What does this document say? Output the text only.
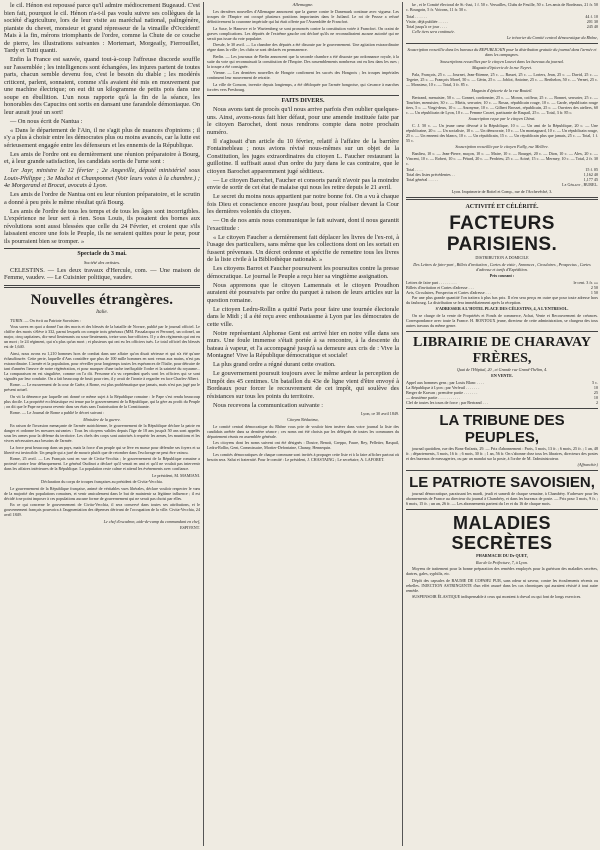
le cil. Hénon est repoussé parce qu'il admire médiocrement Bugeaud. C'est bien fait, pourquoi le cil. Hénon n'a-t-il pas voulu suivre ses collègues de la société d'agriculture, lors de leur visite au maréchal national, palingénère, pianiste du chevet, monsieur et grand répresseur de la vimaille d'Occident! Mais à la fin, mérons triomphants de l'ordre, comme la Chute de ce couche de pierre, les illustrations suivantes : Mortemart, Morgeaily, Fierrouillet, Tardy et Tutti quanti.

Enfin la France est sauvée, quand tout-à-coup l'affreuse discorde souffle sur l'assemblée ; les intelligences sont échangées, les injures partent de toutes parts, chacun semble devenu fou, c'est le besoin du diable ; les modérés criticent, parlent, sonnaient, comme s'ils avaient été mis en mouvement par une machine électrique; on eut dit un kilogramme de petits pois dans une soupe en ébullition. L'un nous rapporte qu'à la fin de la séance, les honorables des Capucins ont sortis en dansant une farandole démoniaque. On leur aurait joué un sort!

— On nous écrit de Nantua :

« Dans le département de l'Ain, il ne s'agit plus de nuances d'opinions ; il s'y a plus à choisir entre les démocrates plus ou moins avancés, car la lutte est sérieusement engagée entre les défenseurs et les ennemis de la République.

Les amis de l'ordre ont eu dernièrement une réunion préparatoire à Bourg, et, à leur grande satisfaction, les candidats sortis de l'urne sont :

1er Jayr, ministre le 12 février ; 2e Angeville, député ministériel sous Louis-Philippe ; 3e Madiot et Champonnet (Voir leurs votes à la chambre.) ; 4e Morgerand et Brocat, avocats à Lyon.

Les amis de l'ordre de Nantua ont eu leur réunion préparatoire, et le scrutin a donné à peu près le même résultat qu'à Bourg.

Les amis de l'ordre de tous les temps et de tous les âges sont incorrigibles. L'expérience ne leur sert à rien. Sous Louis, ils posaient des bornes aux révolutions sont aussi blessées que celle du 24 Février, et croient que s'ils laissaient encore une fois le Peuple, ils ne seraient quittes pour le peur, pour ils pourraient bien se tromper. »

Spectacle du 3 mai.

Société des artistes.

CELESTINS. — Les deux travaux d'Hercule, com. — Une maison de Femme, vaudev. — Le Cuisinier politique, vaudev.

Nouvelles étrangères.
Italie.

TURIN. — On écrit au Patriote Savoisien :

Vous savez en quoi a donné l'un des morts et des blessés de la bataille de Novare, publié par le journal officiel. Le chiffre des morts s'élève à 332, parmi lesquels on compte trois généraux (MM. Passalacqua et Perrone), un colonel, un major, cinq capitaines, dix-neuf lieutenants ou sous-lieutenants, treize sous bas-officiers. Il y a des régiments qui ont eu un mort ; le 24 régiment, qui n'a plus qu'un mort ; et plusieurs qui ont eu les officiers tués. Le total officiel des blessés est de 1,640.

Ainsi, nous avons eu 1,210 hommes hors de combat dans une affaire qu'on disait sérieuse et qui n'a été qu'une échauffourée. Cette perte, laquelle d'Ans considère que plus de 100 mille hommes en sont venus aux mains, n'est pas extraordinaire. L'armée et la population, pour réveiller pour longtemps toutes les espérances de l'Italie, pour détruire de tant d'années l'œuvre de notre régénération, et pour marquer d'une tache ineffaçable l'ordre et la sainteté du royaume... La comparaison en est singulière, comme on l'a dit. Personne n'a vu cependant quels sont les officiers qui se sont signalés par leur conduite. On a fait beaucoup de bruit pour rien, il y avait de l'ironie à regarder en face Charles-Albert.

Rome. — Le mouvement de la cour de Gaëte, à Rome, est plus problématique que jamais, mais n'est pas jugé par le présent actuel.

On vit la démence par laquelle ont donné ce même sujet à la République romaine : le Pape s'est rendu beaucoup plus docile. La propriété ecclésiastique est tenue par le gouvernement de la République, qui la gère au profit du Peuple ; on dit que le Pape ne pourra revenir dans ses états sans l'autorisation de la Constituante.

Rome. — Le Journal de Rome a publié le décret suivant :

Ministère de la guerre.

En raison de l'invasion menaçante de l'armée autrichienne, le gouvernement de la République déclare la patrie en danger et ordonne les mesures suivantes : Tous les citoyens valides depuis l'âge de 18 ans jusqu'à 50 ans sont appelés sous les armes pour la défense du territoire. Les chefs des corps sont autorisés à requérir les armes, les munitions et les vivres nécessaires aux besoins de l'armée.

La force peut beaucoup dans un pays, mais la force d'un peuple qui se lève en masse pour défendre ses foyers et sa liberté est invincible. Un peuple qui a juré de mourir plutôt que de retomber dans l'esclavage ne peut être vaincu.

Rome, 25 avril. — Les Français sont en vue de Civita-Vecchia ; le gouvernement de la République romaine a protesté contre leur débarquement. Le général Oudinot a déclaré qu'il venait en ami et qu'il ne voulait pas intervenir dans les affaires intérieures de la République. La population reste calme et attend les événements avec confiance.

Le président, M. MAMIANI.

Déclaration du corps de troupes françaises au président de Civita-Vecchia.

Le gouvernement de la République française, animé de véritables vues libérales, déclare vouloir respecter le vœu de la majorité des populations romaines, et venir amicalement dans le but de maintenir sa légitime influence ; il est décidé à ne point imposer à ces populations aucune forme de gouvernement qui ne serait pas choisi par elles.

En ce qui concerne le gouvernement de Civita-Vecchia, il sera conservé dans toutes ses attributions, et le gouvernement français pourvoira à l'augmentation des dépenses dérivant de l'occupation de la ville. Civita-Vecchia, 24 avril 1849.

Le chef d'escadron, aide-de-camp du commandant en chef,

ESPIVENT.

Allemagne.

Les dernières nouvelles d'Allemagne annoncent que la guerre contre le Danemark continue avec vigueur. Les troupes de l'Empire ont occupé plusieurs positions importantes dans le Jutland. Le roi de Prusse a refusé définitivement la couronne impériale qui lui était offerte par l'Assemblée de Francfort.

La Saxe, le Hanovre et le Wurtemberg se sont prononcés contre la constitution votée à Francfort. On craint de graves complications. Les députés de l'extrême gauche ont déclaré qu'ils ne reconnaîtraient aucune autorité qui ne serait pas issue du vote populaire.

Dresde, le 30 avril. — La chambre des députés a été dissoute par le gouvernement. Une agitation extraordinaire règne dans la ville ; les clubs se sont déclarés en permanence.

Berlin. — Les journaux de Berlin annoncent que la seconde chambre a été dissoute par ordonnance royale, à la suite du vote qui reconnaissait la constitution de l'Empire. Des rassemblements nombreux ont eu lieu dans les rues ; la troupe a été consignée.

Vienne. — Les dernières nouvelles de Hongrie confirment les succès des Hongrois ; les troupes impériales continuent leur mouvement de retraite.

La ville de Comorn, investie depuis longtemps, a été débloquée par l'armée hongroise, qui s'avance à marches forcées vers Presbourg.

FAITS DIVERS.

Nous avons tant de procès qu'il nous arrive parfois d'en oublier quelques-uns. Ainsi, avons-nous fait hier défaut, pour une amende instituée faite par le citoyen Barochet, dont nous rendrons compte dans notre prochain numéro.

Il s'agissait d'un article du 10 février, relatif à l'affaire de la barrière Fontainebleau ; nous avions révisé nous-mêmes sur un objet de la Constitution, les juges extraordinaires du citoyen L. Faucher restaurant la guillotine. Il suffisait aussi d'un ordre du jury dans le cas contraire, que le citoyen Barochet apparemment jugé séditieux.

— Le citoyen Barochet, Faucher et consorts paraît n'avoir pas la moindre envie de sortir de cet état de malaise qui nous les retire depuis le 21 avril.

Le secret du moins nous appartient par notre bonne foi. On a vu à chaque fois Dieu et conscience encore jusqu'au bout, pour réaliser devant la Cour les dernières volontés du citoyen.

— On de nos amis nous communique le fait suivant, dont il nous garantit l'exactitude :

« Le citoyen Faucher a dernièrement fait déplacer les livres de l'ex-roi, à l'usage des particuliers, sans même que les collections dont on les sortait en fussent prévenues. Un décret ordonne et spécifie de remettre tous les livres de la liste civile à la Bibliothèque nationale. »

Les citoyens Barrot et Faucher poursuivent les poursuites contre la presse démocratique. Le journal le Peuple a reçu hier sa vingtième assignation.

Nous apprenons que le citoyen Lamennais et le citoyen Proudhon auraient été poursuivis par ordre du parquet à raison de leurs articles sur la question romaine.

Le citoyen Ledru-Rollin a quitté Paris pour faire une tournée électorale dans le Midi ; il a été reçu avec enthousiasme à Lyon par les démocrates de cette ville.

Notre représentant Alphonse Gent est arrivé hier en notre ville dans ses murs. Une foule immense s'était portée à sa rencontre, à la descente du bateau à vapeur, et l'a accompagné jusqu'à sa demeure aux cris de : Vive la Montagne! Vive la République démocratique et sociale!

La plus grand ordre a régné durant cette ovation.

Le gouvernement poursuit toujours avec le même ardeur la perception de l'impôt des 45 centimes. Un bataillon du 43e de ligne vient d'être envoyé à Bordeaux pour forcer le recouvrement de cet impôt, qui soulève des résistances sur tous les points du territoire.

Nous recevons la communication suivante :

Lyon, ce 30 avril 1849.

Citoyen Rédacteur,

Le comité central démocratique du Rhône vous prie de vouloir bien insérer dans votre journal la liste des candidats arrêtée dans sa dernière séance ; ces noms ont été choisis par les délégués de toutes les communes du département réunis en assemblée générale.

Les citoyens dont les noms suivent ont été désignés : Doutre, Benoit, Greppo, Faure, Rey, Pelletier, Raspail, Ledru-Rollin, Gent, Commissaire, Mortier-Defontaine, Chanay, Hennequin.

Les comités démocratiques de chaque commune sont invités à propager cette liste et à la faire afficher partout où besoin sera. Salut et fraternité. Pour le comité : Le président, J. CHASTAING ; Le secrétaire, A. LAFORET.

ke , et le Comité électoral de St.-Just, 1 f. 50 c. Versailles, Clubs de Feuille, 50 c. Les amis de Bordeaux, 21 fr. 50 c. Bourgoin, 5 fr. Voirons, 11 fr. 50 c.

Total . . . . . .	44 f. 10
Visite, déjà publiée . . . . .	201 30
Total jusqu'à ce jour . . . .	245 40

Celle tiers sera continuée.

Le trésorier du Comité central démocratique du Rhône,

Souscription recueillie dans les bureaux du REPUBLICAIN pour la distribution gratuite du journal dans l'armée et dans les campagnes.

Souscriptions recueillies par le citoyen Louvet dans les bureaux du journal.

Magasin d'épicerie de la rue Neyret.

Pala, François, 25 c. — Journet, Jean-Etienne, 25 c. — Basset, 25 c. — Loriers, Jean, 25 c. — David, 25 c. — Tegeire, 25 c. — François Morel, 50 c. — Gérin, 25 c. — Joblot, Antoine, 25 c. — Berthelon, 50 c. — Vernet, 25 c. — Monsieur, 10 c. — Total, 3 fr. 85 c.

Magasin d'épicerie de la rue Bouteil.

Bertrand, menuisier, 50 c. — Gonnet, cordonnier, 25 c. — Moron, coiffeur, 25 c. — Bonnet, serrurier, 25 c. — Tourbier, menuisier, 30 c. — Mirtis, serrurier, 10 c. — Rosaz, républicain rouge, 10 c. — Garde, républicain rouge tiers, 5 c. — Vingt-deux, 10 c. — Anonyme, 10 c. — Gilbert Brosset, républicain, 25 c. — Ouvriers des ateliers, 60 c. — Un républicain de Lyon, 10 c. — Femme Crozet, partisante de Raspail, 25 c. — Total, 3 fr. 85 c.

Souscription reçue par le citoyen Chirat.

C. J. 50 c. — Un jeune cœur dévoué à la République, 10 c. — Un ami de la République, 20 c. — Une républicaine, 20 c. — Un socialiste, 10 c. — Un démocrate, 10 c. — Un montagnard, 10 c. — Un républicain rouge, 25 c. — Un ennemi des blancs, 10 c. — Un républicain, 15 c. — Un républicain plus que jamais, 25 c. — Total, 1 f. 55 c.

Souscription recueillie par le citoyen Fuilly, rue Mellère.

Banlieu, 10 c. — Jean-Pierre, maçon, 10 c. — Maire, 10 c. — Bourget, 20 c. — Dion, 10 c. — Alex, 20 c. — Vincent, 10 c. — Robert, 10 c. — Pétard, 20 c. — Perdrieu, 25 c. — Aciné, 15 c. — Mermey, 10 c. — Total, 2 fr. 30 c.

Total . . . .	15 f. 05
Total des listes précédentes . .	1,162 40
Total général . . . . .	1,177 45

Le Gérant , BUREL.

Lyon. Imprimerie de Boitel et Comp., rue de l'Archevêché, 3.

ACTIVITÉ ET CÉLÉRITÉ.
FACTEURS PARISIENS.

DISTRIBUTION A DOMICILE

Des Lettres de faire-part , Billets d'invitation , Cartes de visite , Annonces , Circulaires , Prospectus , Cartes d'adresse et tarifs d'Expédition.

Prix courant :

Lettres de faire part . . . . . . . . .	le cent. 3 fr. »»
Billets d'invitation et Cartes d'adresse . . .	2 50
Avis, Circulaires, Prospectus et Cartes d'adresse . . .	1 50

Par une plus grande quantité l'on traitera à plus bas prix. Il n'en sera perçu en outre que pour toute adresse hors du faubourg. La distribution se fera immédiatement après la réception.

S'ADRESSER A L'HOTEL PLACE DES CÉLESTINS, 4, A L'ENTRESOL.

On se charge de la vente de Propriétés et Fonds de commerce, Achat, Vente et Recouvrement de créances. Correspondance avec toute la France. H. BONTOUX jeune, directeur de cette administration, se chargera des tous autres travaux du même genre.

LIBRAIRIE DE CHARAVAY FRÈRES,

Quai de l'Hôpital, 20 , et Grande rue Grand-Thélim, 4.

EN VENTE.

Appel aux hommes gens ; par Louis Blanc . . . .	5 c.
La République à Lyon ; par Verfeuil . . . . . . .	10
Berger de Kravan ; première partie . . . . . . .	25
— deuxième partie . . . . . . . . . . .	10
Clef de toutes les tours de force ; par Bertrand . . .	2
LA TRIBUNE DES PEUPLES,

journal quotidien, rue des Bons-Enfants, 29. — Prix d'abonnement : Paris, 3 mois, 13 fr. ; 6 mois, 25 fr. ; 1 an, 48 fr. ; départements, 3 mois, 16 fr. ; 6 mois, 30 fr. ; 1 an, 56 fr. On s'abonne chez tous les libraires, directeurs des postes et des bureaux de messageries, ou par un mandat sur la poste, à l'ordre de M. l'administrateur.

(Affranchir.)

LE PATRIOTE SAVOISIEN,

journal démocratique, paraissant les mardi, jeudi et samedi de chaque semaine, à Chambéry. S'adresser pour les abonnements de France au directeur du journal à Chambéry, et dans les bureaux de poste. — Prix pour 3 mois, 9 fr. ; 6 mois, 15 fr. ; un an, 26 fr. — Les abonnements partent du 1er et du 16 de chaque mois.

MALADIES SECRÈTES

PHARMACIE DU Dr QUET,

Rue de la Préfecture, 7, à Lyon.

Moyens de traitement pour la bonne préparation des remèdes employés pour la guérison des maladies secrètes, dartres, gales, syphilis, etc.

Dépôt des capsules de BAUME DE COPAHU PUR, sans odeur ni saveur, contre les écoulements récents ou rebelles. INJECTION ASTRINGENTE d'un effet assuré dans les cas chroniques qui auraient résisté à tout autre remède.

SUSPENSOIR ÉLASTIQUE indispensable à ceux qui montent à cheval ou qui font de longs exercices.
